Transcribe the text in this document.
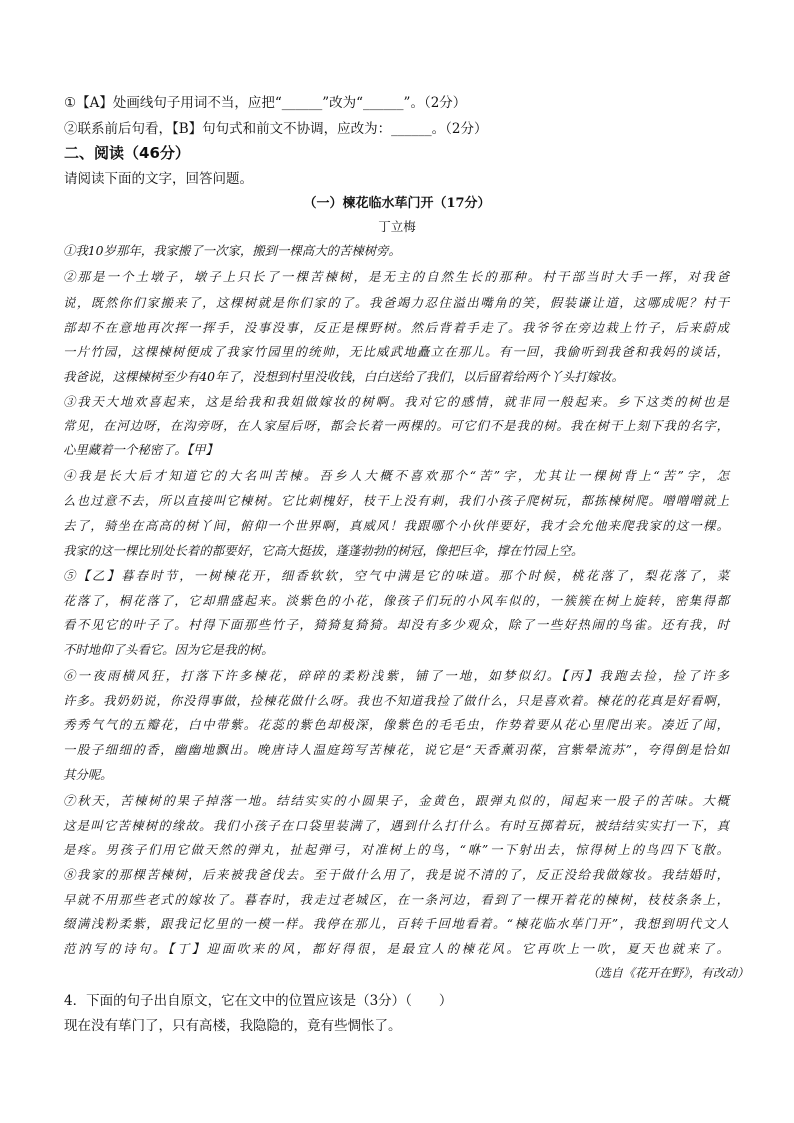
①【A】处画线句子用词不当，应把“______”改为“______”。（2分）
②联系前后句看，【B】句句式和前文不协调，应改为：______。（2分）
二、阅读（46分）
请阅读下面的文字，回答问题。
（一）楝花临水荜门开（17分）
丁立梅
①我10岁那年，我家搬了一次家，搬到一棵高大的苦楝树旁。
②那是一个土墩子，墩子上只长了一棵苦楝树，是无主的自然生长的那种。村干部当时大手一挥，对我爸
说，既然你们家搬来了，这棵树就是你们家的了。我爸竭力忍住溢出嘴角的笑，假装谦让道，这哪成呢？村干
部却不在意地再次挥一挥手，没事没事，反正是棵野树。然后背着手走了。我爷爷在旁边栽上竹子，后来蔚成
一片竹园，这棵楝树便成了我家竹园里的统帅，无比威武地矗立在那儿。有一回，我偷听到我爸和我妈的谈话，
我爸说，这棵楝树至少有40年了，没想到村里没收钱，白白送给了我们，以后留着给两个丫头打嫁妆。
③我天大地欢喜起来，这是给我和我姐做嫁妆的树啊。我对它的感情，就非同一般起来。乡下这类的树也是
常见，在河边呀，在沟旁呀，在人家屋后呀，都会长着一两棵的。可它们不是我的树。我在树干上刻下我的名字，
心里藏着一个秘密了。【甲】
④我是长大后才知道它的大名叫苦楝。吾乡人大概不喜欢那个“苦”字，尤其让一棵树背上“苦”字，怎
么也过意不去，所以直接叫它楝树。它比刺槐好，枝干上没有刺，我们小孩子爬树玩，都拣楝树爬。噌噌噌就上
去了，骑坐在高高的树丫间，俯仰一个世界啊，真威风！我跟哪个小伙伴要好，我才会允他来爬我家的这一棵。
我家的这一棵比别处长着的都要好，它高大挺拔，蓬蓬勃勃的树冠，像把巨伞，撑在竹园上空。
⑤【乙】暮春时节，一树楝花开，细香软软，空气中满是它的味道。那个时候，桃花落了，梨花落了，菜
花落了，桐花落了，它却鼎盛起来。淡紫色的小花，像孩子们玩的小风车似的，一簇簇在树上旋转，密集得都
看不见它的叶子了。村得下面那些竹子，猗猗复猗猗。却没有多少观众，除了一些好热闹的鸟雀。还有我，时
不时地仰了头看它。因为它是我的树。
⑥一夜雨横风狂，打落下许多楝花，碎碎的柔粉浅紫，铺了一地，如梦似幻。【丙】我跑去捡，捡了许多
许多。我奶奶说，你没得事做，捡楝花做什么呀。我也不知道我捡了做什么，只是喜欢着。楝花的花真是好看啊，
秀秀气气的五瓣花，白中带紫。花蕊的紫色却极深，像紫色的毛毛虫，作势着要从花心里爬出来。凑近了闻，
一股子细细的香，幽幽地飘出。晚唐诗人温庭筠写苦楝花，说它是“天香薰羽葆，宫紫晕流苏”，夸得倒是恰如
其分呢。
⑦秋天，苦楝树的果子掉落一地。结结实实的小圆果子，金黄色，跟弹丸似的，闻起来一股子的苦味。大概
这是叫它苦楝树的缘故。我们小孩子在口袋里装满了，遇到什么打什么。有时互掷着玩，被结结实实打一下，真
是疼。男孩子们用它做天然的弹丸，扯起弹弓，对准树上的鸟，“咻”一下射出去，惊得树上的鸟四下飞散。
⑧我家的那棵苦楝树，后来被我爸伐去。至于做什么用了，我是说不清的了，反正没给我做嫁妆。我结婚时，
早就不用那些老式的嫁妆了。暮春时，我走过老城区，在一条河边，看到了一棵开着花的楝树，枝枝条条上，
缀满浅粉柔紫，跟我记忆里的一模一样。我停在那儿，百转千回地看着。“楝花临水荜门开”，我想到明代文人
范汭写的诗句。【丁】迎面吹来的风，都好得很，是最宜人的楝花风。它再吹上一吹，夏天也就来了。
（选自《花开在野》，有改动）
4．下面的句子出自原文，它在文中的位置应该是（3分）（　　）
现在没有荜门了，只有高楼，我隐隐的，竟有些惆怅了。
